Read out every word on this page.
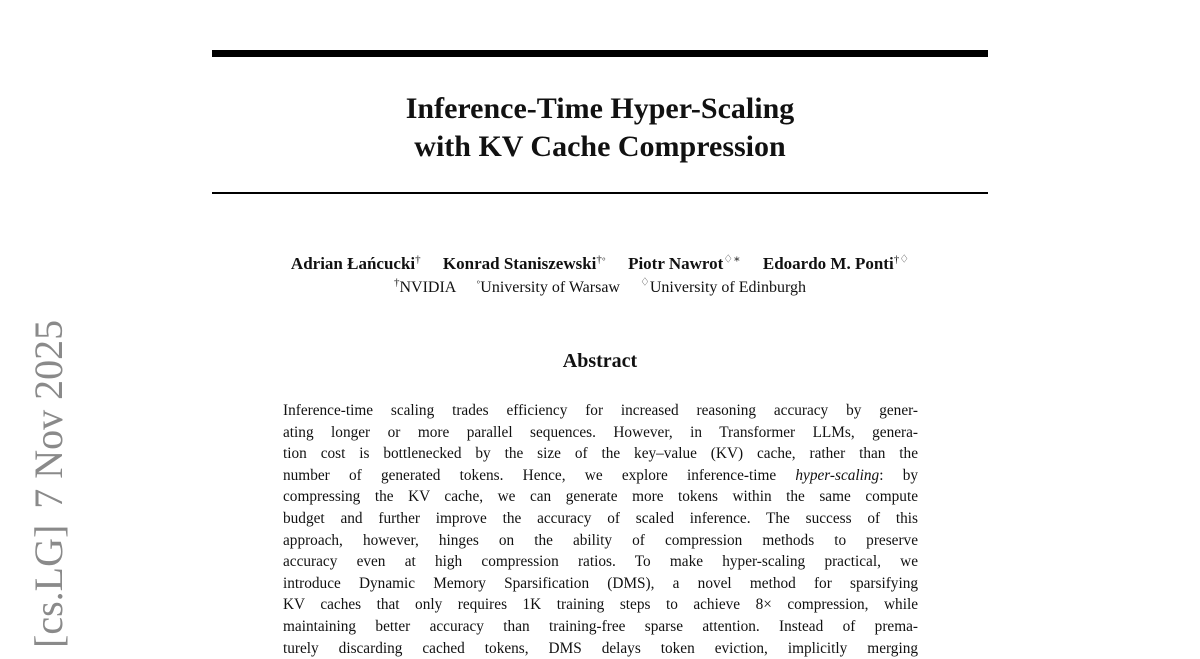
Inference-Time Hyper-Scaling
with KV Cache Compression
Adrian Łańcucki† Konrad Staniszewski†◦ Piotr Nawrot♢∗ Edoardo M. Ponti†♢
†NVIDIA ◦University of Warsaw ♢University of Edinburgh
Abstract
Inference-time scaling trades efficiency for increased reasoning accuracy by gener-
ating longer or more parallel sequences. However, in Transformer LLMs, genera-
tion cost is bottlenecked by the size of the key–value (KV) cache, rather than the
number of generated tokens. Hence, we explore inference-time hyper-scaling: by
compressing the KV cache, we can generate more tokens within the same compute
budget and further improve the accuracy of scaled inference. The success of this
approach, however, hinges on the ability of compression methods to preserve
accuracy even at high compression ratios. To make hyper-scaling practical, we
introduce Dynamic Memory Sparsification (DMS), a novel method for sparsifying
KV caches that only requires 1K training steps to achieve 8× compression, while
maintaining better accuracy than training-free sparse attention. Instead of prema-
turely discarding cached tokens, DMS delays token eviction, implicitly merging
[cs.LG]7 Nov 2025
